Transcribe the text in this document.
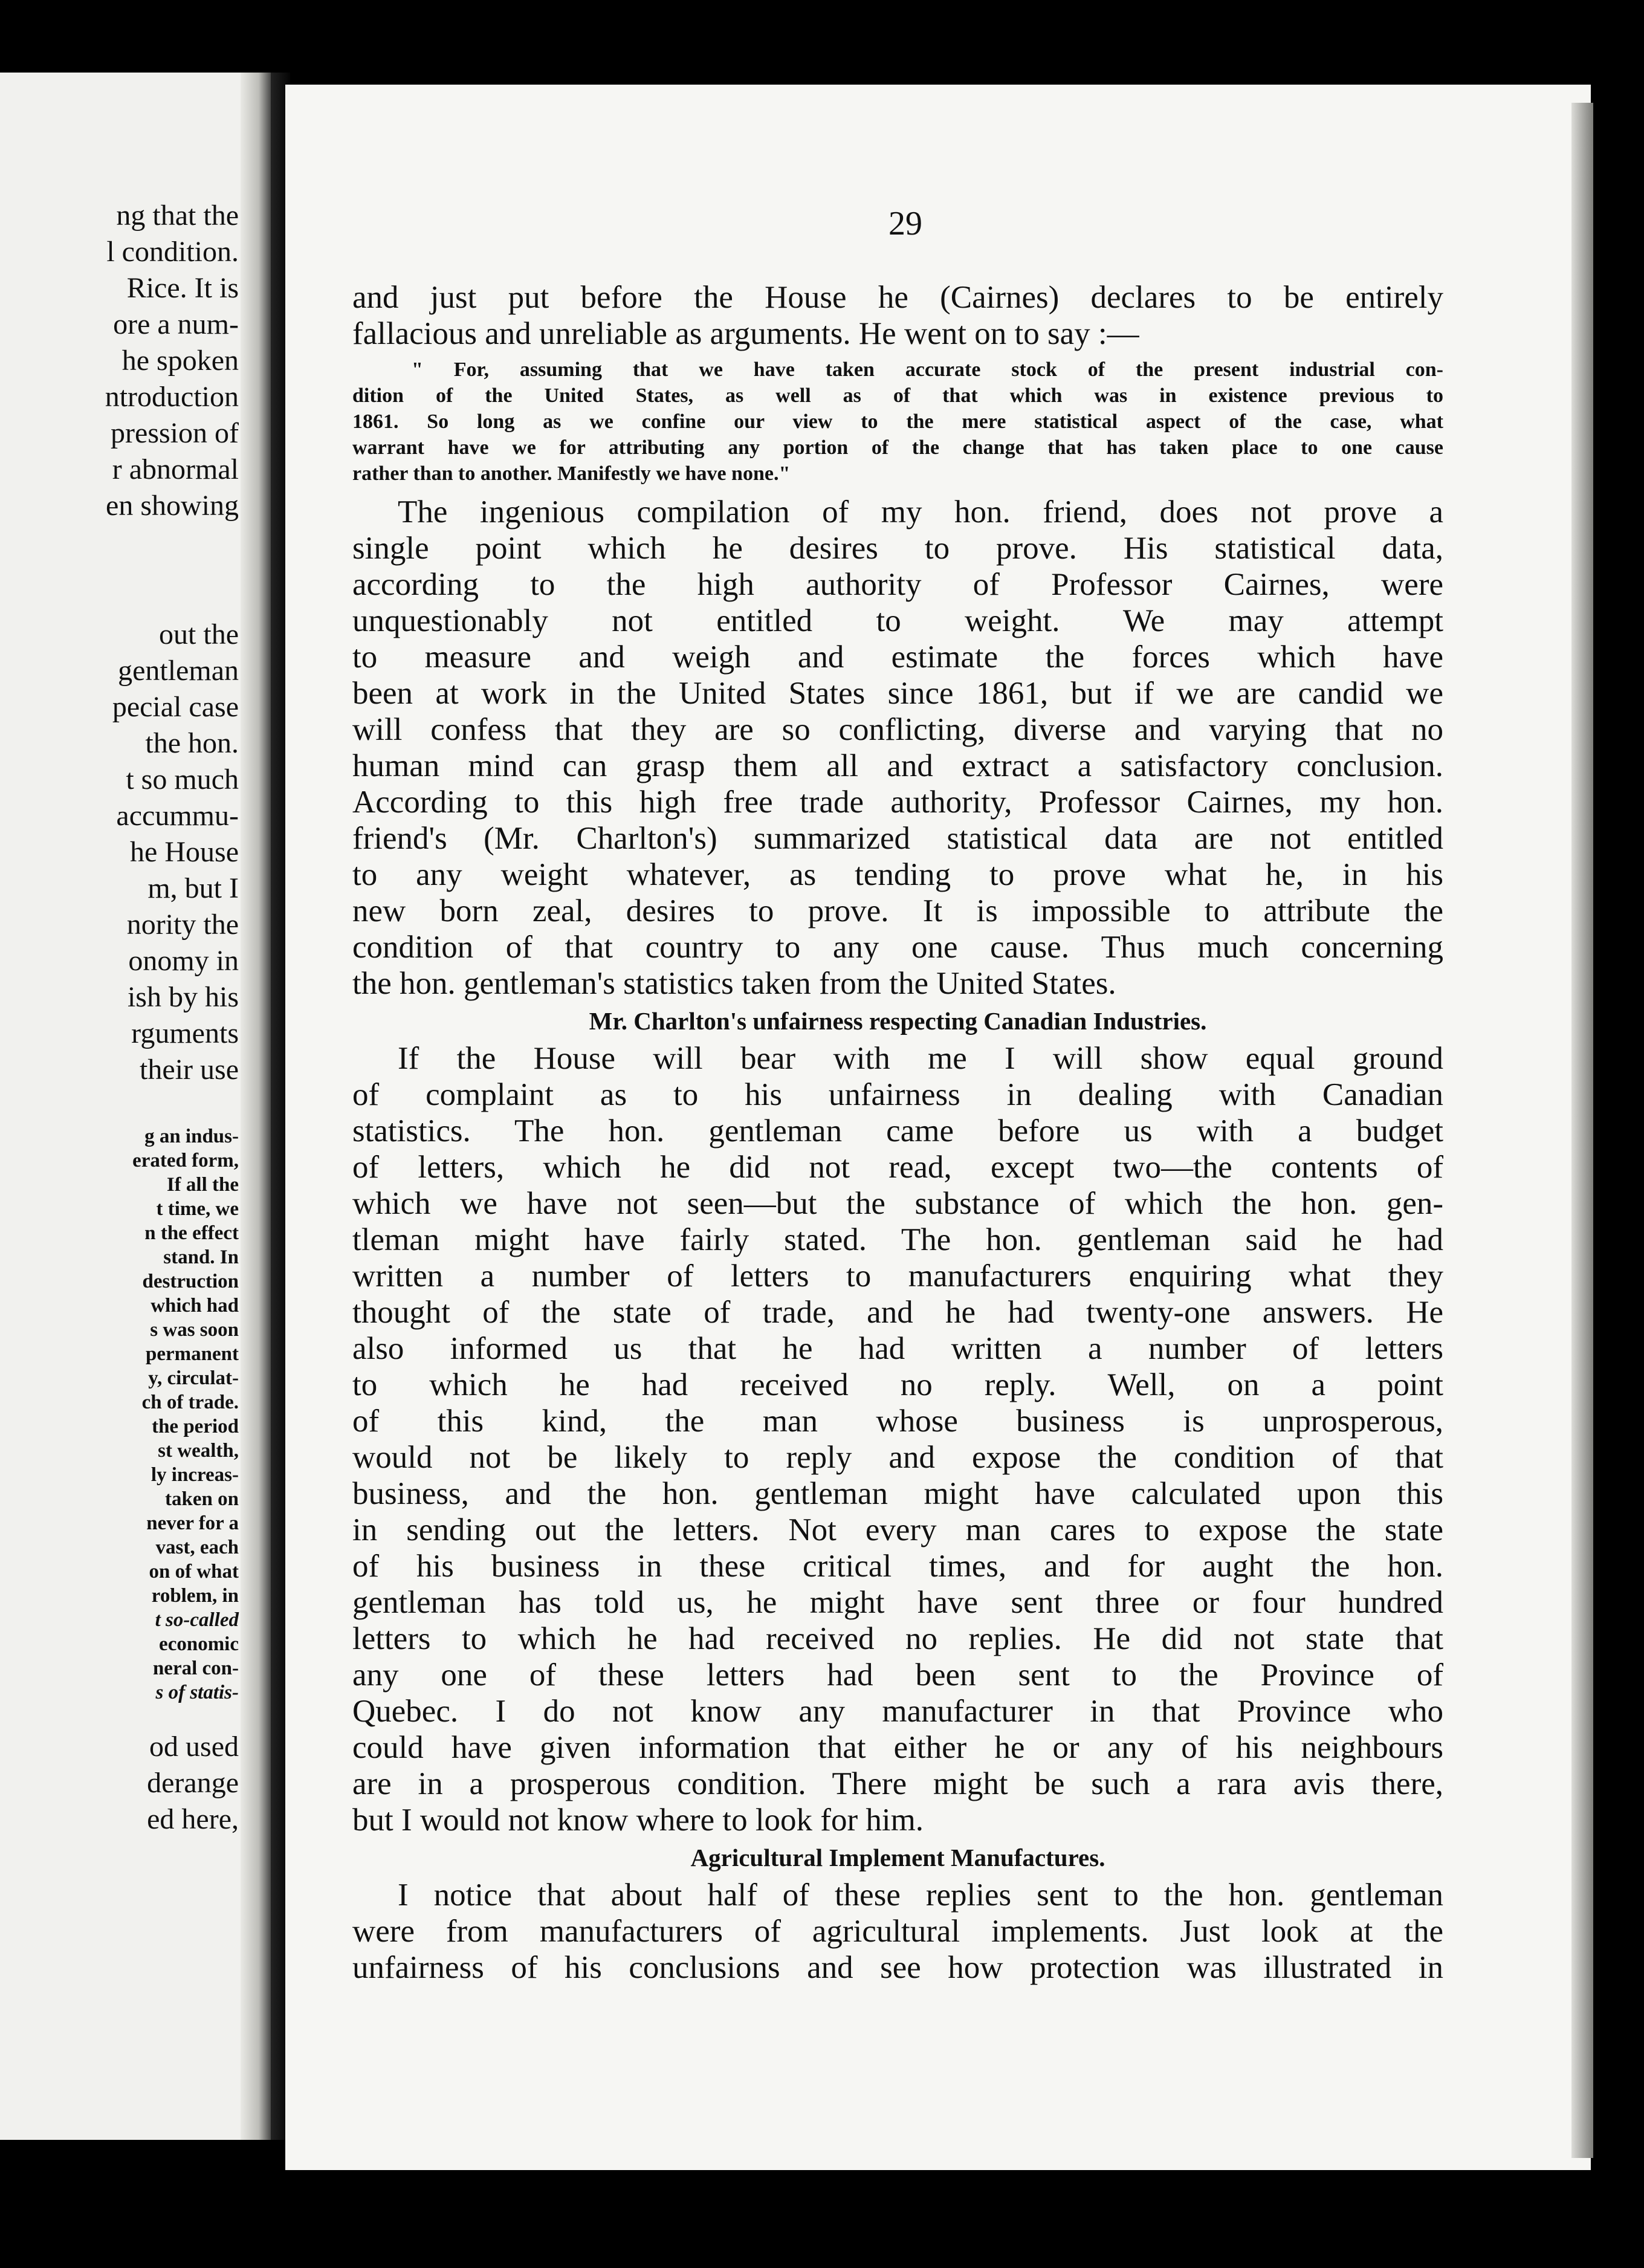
ng that the
l condition.
Rice. It is
ore a num-
he spoken
ntroduction
pression of
r abnormal
en showing
out the
gentleman
pecial case
the hon.
t so much
accummu-
he House
m, but I
nority the
onomy in
ish by his
rguments
their use
g an indus-
erated form,
If all the
t time, we
n the effect
stand. In
destruction
which had
s was soon
permanent
y, circulat-
ch of trade.
the period
st wealth,
ly increas-
taken on
never for a
vast, each
on of what
roblem, in
t so-called
economic
neral con-
s of statis-
od used
derange
ed here,
29
and just put before the House he (Cairnes) declares to be entirely
fallacious and unreliable as arguments. He went on to say :—
" For, assuming that we have taken accurate stock of the present industrial con-
dition of the United States, as well as of that which was in existence previous to
1861. So long as we confine our view to the mere statistical aspect of the case, what
warrant have we for attributing any portion of the change that has taken place to one cause
rather than to another. Manifestly we have none."
The ingenious compilation of my hon. friend, does not prove a
single point which he desires to prove. His statistical data,
according to the high authority of Professor Cairnes, were
unquestionably not entitled to weight. We may attempt
to measure and weigh and estimate the forces which have
been at work in the United States since 1861, but if we are candid we
will confess that they are so conflicting, diverse and varying that no
human mind can grasp them all and extract a satisfactory conclusion.
According to this high free trade authority, Professor Cairnes, my hon.
friend's (Mr. Charlton's) summarized statistical data are not entitled
to any weight whatever, as tending to prove what he, in his
new born zeal, desires to prove. It is impossible to attribute the
condition of that country to any one cause. Thus much concerning
the hon. gentleman's statistics taken from the United States.
Mr. Charlton's unfairness respecting Canadian Industries.
If the House will bear with me I will show equal ground
of complaint as to his unfairness in dealing with Canadian
statistics. The hon. gentleman came before us with a budget
of letters, which he did not read, except two—the contents of
which we have not seen—but the substance of which the hon. gen-
tleman might have fairly stated. The hon. gentleman said he had
written a number of letters to manufacturers enquiring what they
thought of the state of trade, and he had twenty-one answers. He
also informed us that he had written a number of letters
to which he had received no reply. Well, on a point
of this kind, the man whose business is unprosperous,
would not be likely to reply and expose the condition of that
business, and the hon. gentleman might have calculated upon this
in sending out the letters. Not every man cares to expose the state
of his business in these critical times, and for aught the hon.
gentleman has told us, he might have sent three or four hundred
letters to which he had received no replies. He did not state that
any one of these letters had been sent to the Province of
Quebec. I do not know any manufacturer in that Province who
could have given information that either he or any of his neighbours
are in a prosperous condition. There might be such a rara avis there,
but I would not know where to look for him.
Agricultural Implement Manufactures.
I notice that about half of these replies sent to the hon. gentleman
were from manufacturers of agricultural implements. Just look at the
unfairness of his conclusions and see how protection was illustrated in
